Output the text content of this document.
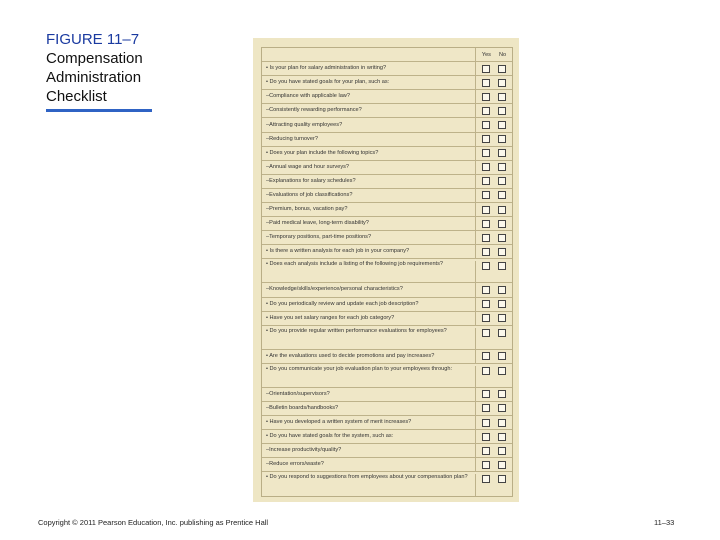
FIGURE 11–7

Compensation
Administration
Checklist
Yes No
• Is your plan for salary administration in writing?
• Do you have stated goals for your plan, such as:
–Compliance with applicable law?
–Consistently rewarding performance?
–Attracting quality employees?
–Reducing turnover?
• Does your plan include the following topics?
–Annual wage and hour surveys?
–Explanations for salary schedules?
–Evaluations of job classifications?
–Premium, bonus, vacation pay?
–Paid medical leave, long-term disability?
–Temporary positions, part-time positions?
• Is there a written analysis for each job in your company?
• Does each analysis include a listing of the following job requirements?
–Knowledge/skills/experience/personal characteristics?
• Do you periodically review and update each job description?
• Have you set salary ranges for each job category?
• Do you provide regular written performance evaluations for employees?
• Are the evaluations used to decide promotions and pay increases?
• Do you communicate your job evaluation plan to your employees through:
–Orientation/supervisors?
–Bulletin boards/handbooks?
• Have you developed a written system of merit increases?
• Do you have stated goals for the system, such as:
–Increase productivity/quality?
–Reduce errors/waste?
• Do you respond to suggestions from employees about your compensation plan?
Copyright © 2011 Pearson Education, Inc. publishing as Prentice Hall	11–33
